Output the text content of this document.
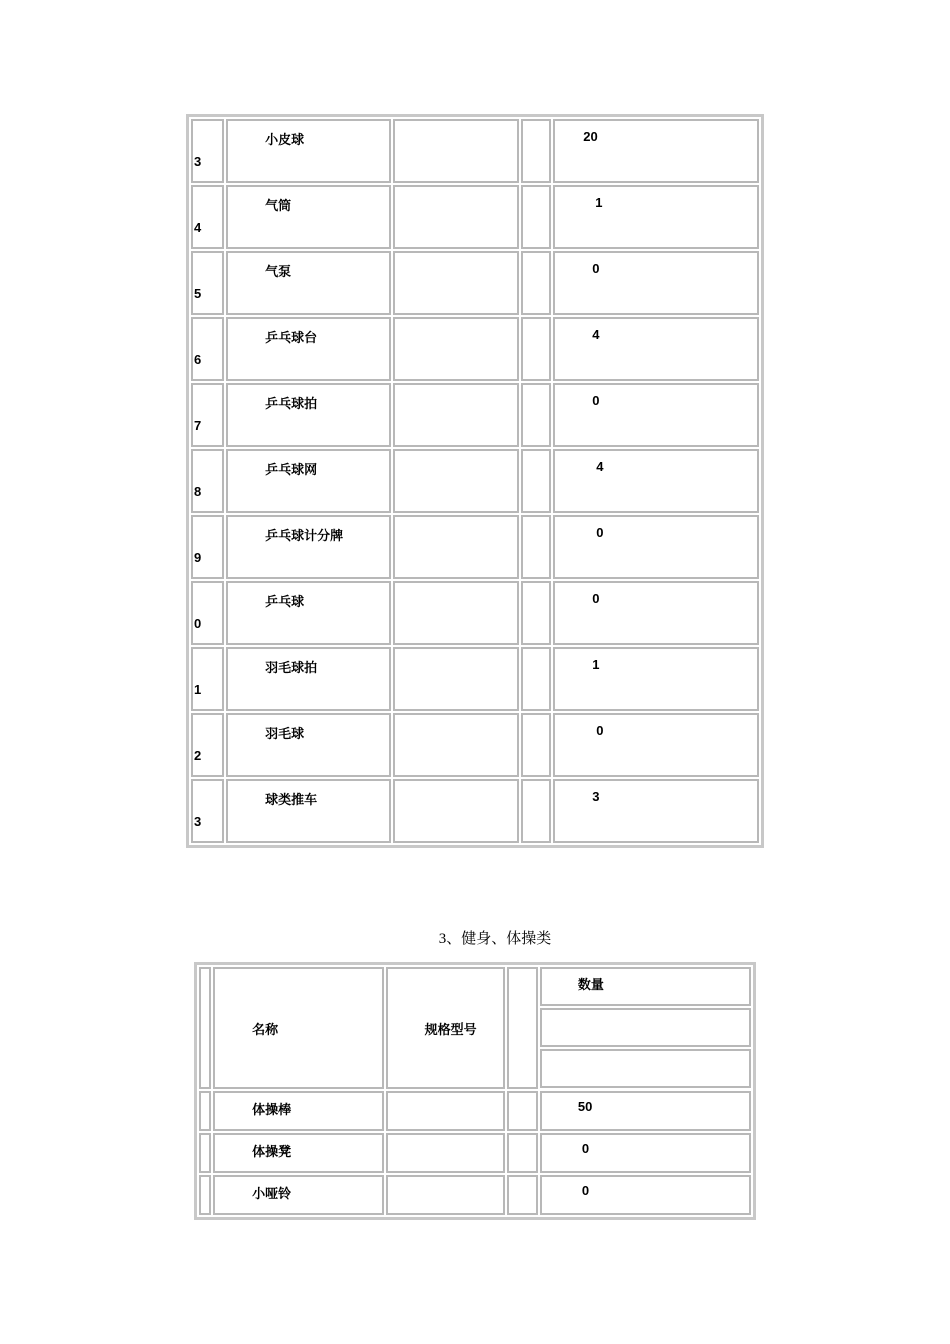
3	小皮球			20

4	气筒			1

5	气泵			0

6	乒乓球台			4

7	乒乓球拍			0

8	乒乓球网			4

9	乒乓球计分牌			0

0	乒乓球			0

1	羽毛球拍			1

2	羽毛球			0

3	球类推车			3
3、健身、体操类

	名称	规格型号		数量

	体操棒			50

	体操凳			0

	小哑铃			0
